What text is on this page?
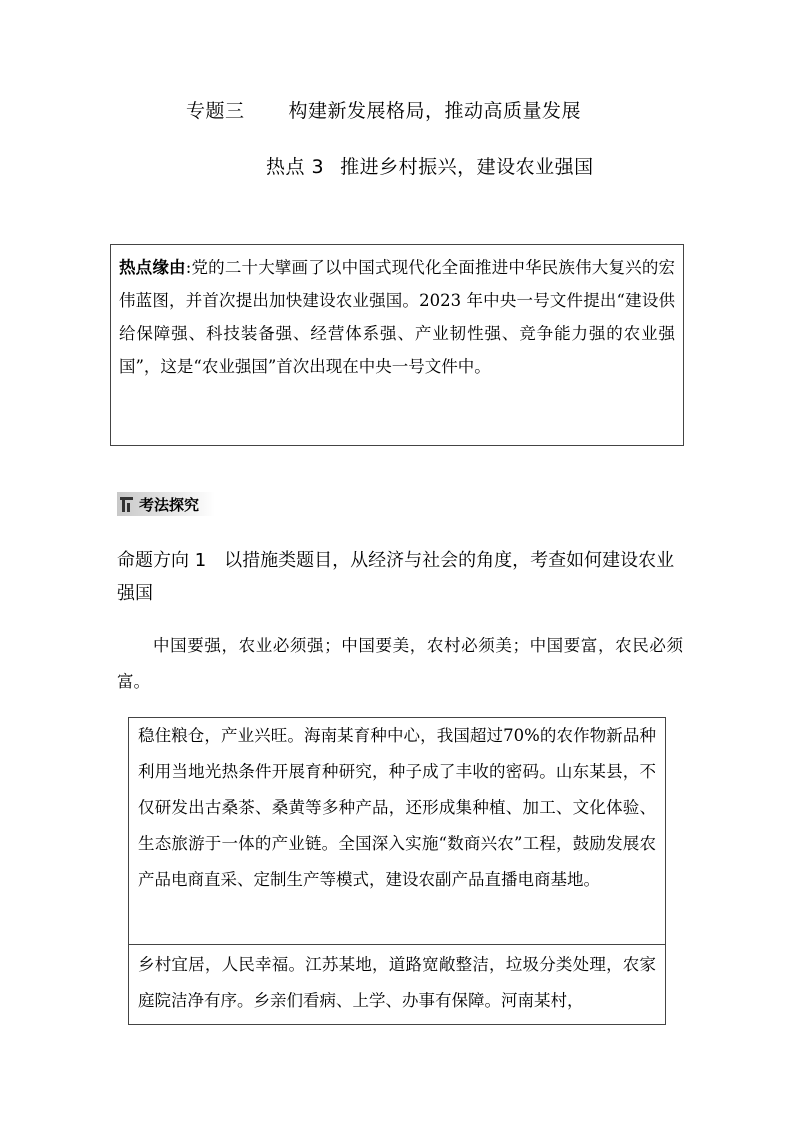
专题三 构建新发展格局，推动高质量发展
热点 3 推进乡村振兴，建设农业强国
热点缘由:党的二十大擘画了以中国式现代化全面推进中华民族伟大复兴的宏伟蓝图，并首次提出加快建设农业强国。2023 年中央一号文件提出“建设供给保障强、科技装备强、经营体系强、产业韧性强、竞争能力强的农业强国”，这是“农业强国”首次出现在中央一号文件中。
考法探究
命题方向 1　以措施类题目，从经济与社会的角度，考查如何建设农业强国
中国要强，农业必须强；中国要美，农村必须美；中国要富，农民必须富。
稳住粮仓，产业兴旺。海南某育种中心，我国超过70%的农作物新品种利用当地光热条件开展育种研究，种子成了丰收的密码。山东某县，不仅研发出古桑茶、桑黄等多种产品，还形成集种植、加工、文化体验、生态旅游于一体的产业链。全国深入实施“数商兴农”工程，鼓励发展农产品电商直采、定制生产等模式，建设农副产品直播电商基地。
乡村宜居，人民幸福。江苏某地，道路宽敞整洁，垃圾分类处理，农家庭院洁净有序。乡亲们看病、上学、办事有保障。河南某村，
